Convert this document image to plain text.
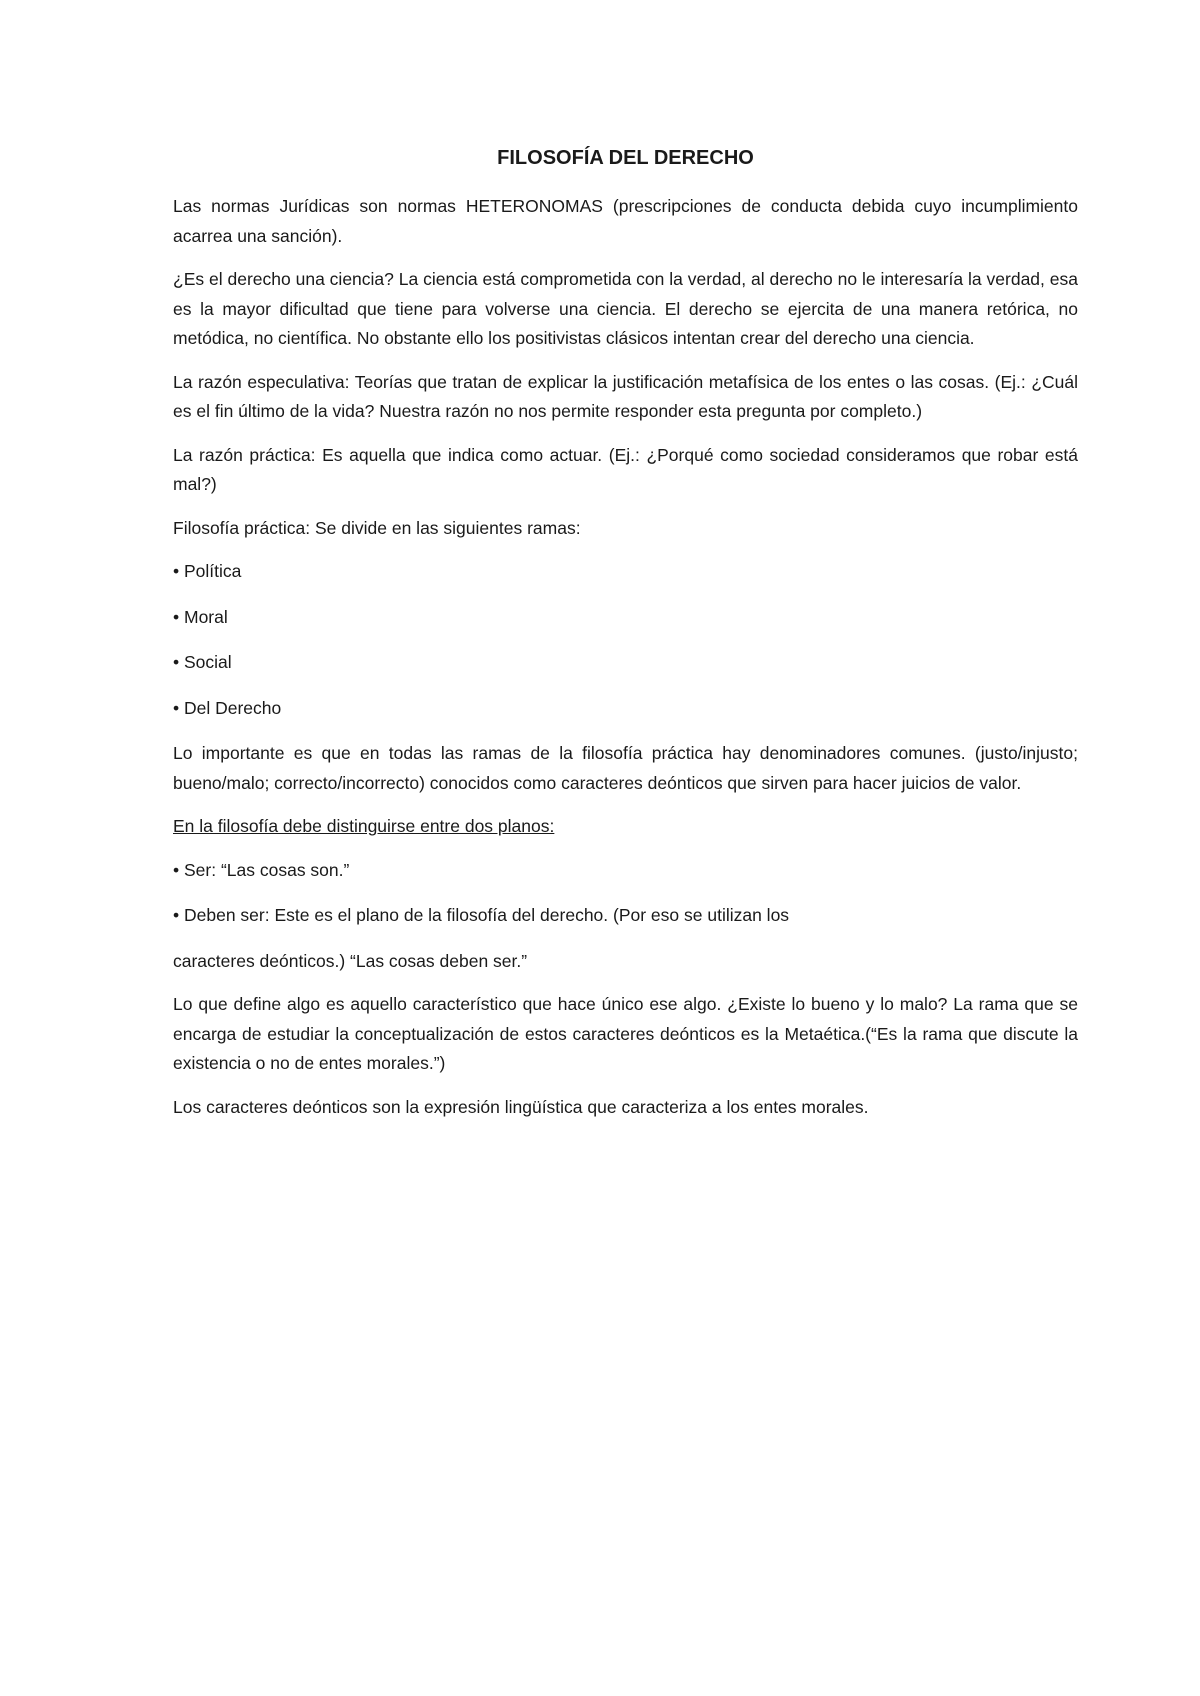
FILOSOFÍA DEL DERECHO

Las normas Jurídicas son normas HETERONOMAS (prescripciones de conducta debida cuyo incumplimiento acarrea una sanción).

¿Es el derecho una ciencia? La ciencia está comprometida con la verdad, al derecho no le interesaría la verdad, esa es la mayor dificultad que tiene para volverse una ciencia. El derecho se ejercita de una manera retórica, no metódica, no científica. No obstante ello los positivistas clásicos intentan crear del derecho una ciencia.

La razón especulativa: Teorías que tratan de explicar la justificación metafísica de los entes o las cosas. (Ej.: ¿Cuál es el fin último de la vida? Nuestra razón no nos permite responder esta pregunta por completo.)

La razón práctica: Es aquella que indica como actuar. (Ej.: ¿Porqué como sociedad consideramos que robar está mal?)

Filosofía práctica: Se divide en las siguientes ramas:

• Política

• Moral

• Social

• Del Derecho

Lo importante es que en todas las ramas de la filosofía práctica hay denominadores comunes. (justo/injusto; bueno/malo; correcto/incorrecto) conocidos como caracteres deónticos que sirven para hacer juicios de valor.

En la filosofía debe distinguirse entre dos planos:

• Ser: “Las cosas son.”

• Deben ser: Este es el plano de la filosofía del derecho. (Por eso se utilizan los

caracteres deónticos.) “Las cosas deben ser.”

Lo que define algo es aquello característico que hace único ese algo. ¿Existe lo bueno y lo malo? La rama que se encarga de estudiar la conceptualización de estos caracteres deónticos es la Metaética.(“Es la rama que discute la existencia o no de entes morales.”)

Los caracteres deónticos son la expresión lingüística que caracteriza a los entes morales.
